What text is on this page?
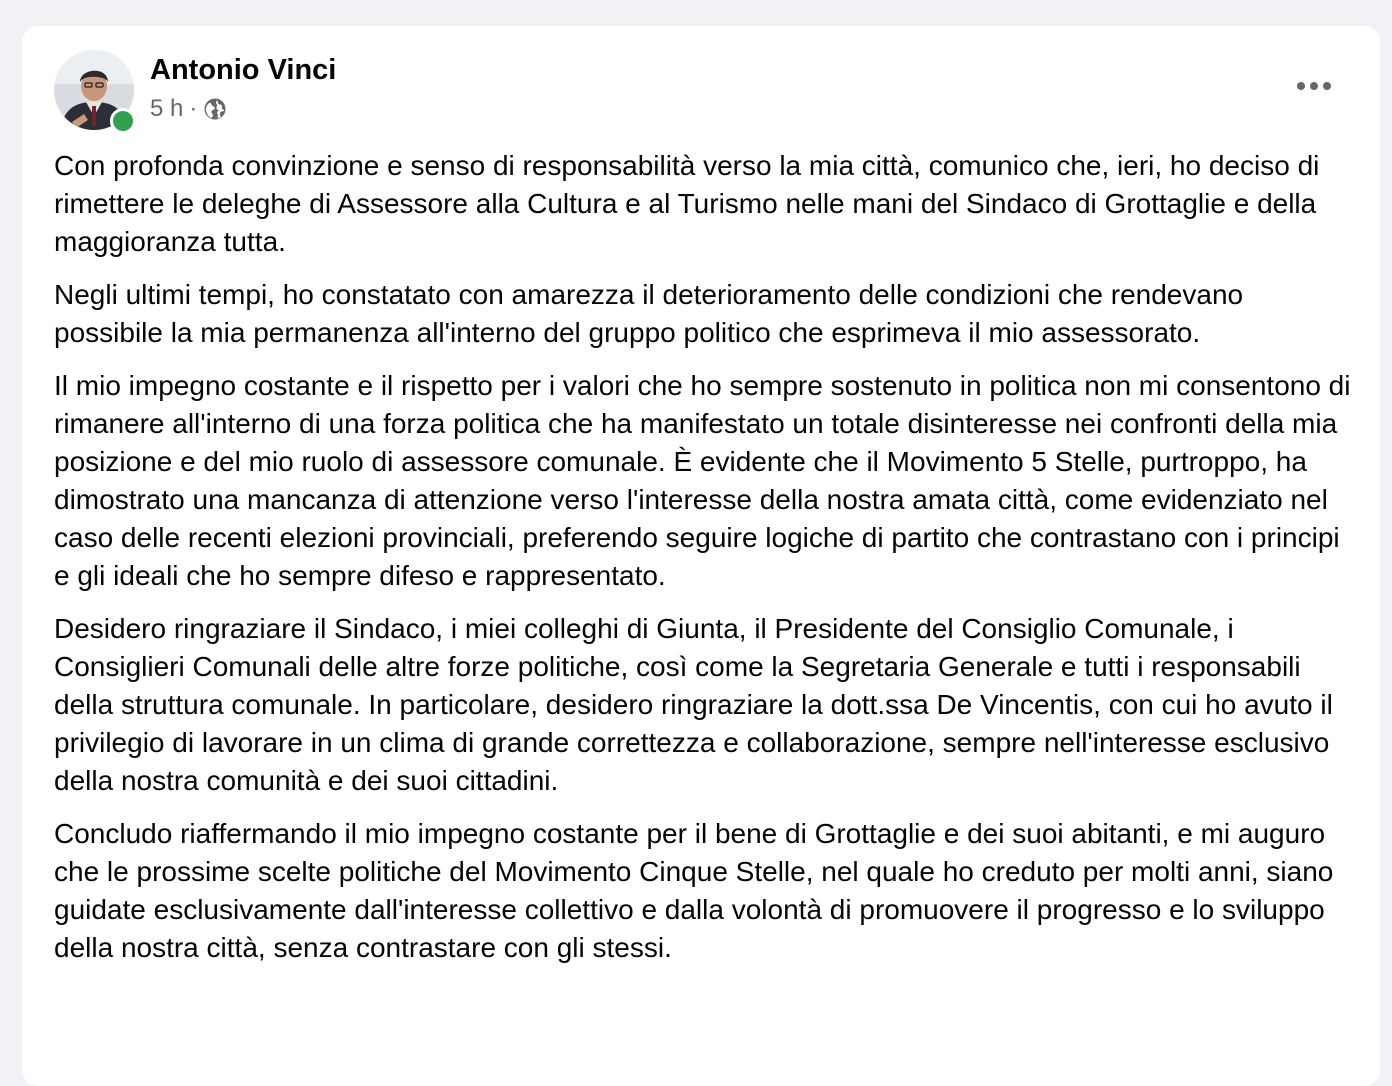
Antonio Vinci
5 h ·

Con profonda convinzione e senso di responsabilità verso la mia città, comunico che, ieri, ho deciso di rimettere le deleghe di Assessore alla Cultura e al Turismo nelle mani del Sindaco di Grottaglie e della maggioranza tutta.

Negli ultimi tempi, ho constatato con amarezza il deterioramento delle condizioni che rendevano possibile la mia permanenza all'interno del gruppo politico che esprimeva il mio assessorato.

Il mio impegno costante e il rispetto per i valori che ho sempre sostenuto in politica non mi consentono di rimanere all'interno di una forza politica che ha manifestato un totale disinteresse nei confronti della mia posizione e del mio ruolo di assessore comunale. È evidente che il Movimento 5 Stelle, purtroppo, ha dimostrato una mancanza di attenzione verso l'interesse della nostra amata città, come evidenziato nel caso delle recenti elezioni provinciali, preferendo seguire logiche di partito che contrastano con i principi e gli ideali che ho sempre difeso e rappresentato.

Desidero ringraziare il Sindaco, i miei colleghi di Giunta, il Presidente del Consiglio Comunale, i Consiglieri Comunali delle altre forze politiche, così come la Segretaria Generale e tutti i responsabili della struttura comunale. In particolare, desidero ringraziare la dott.ssa De Vincentis, con cui ho avuto il privilegio di lavorare in un clima di grande correttezza e collaborazione, sempre nell'interesse esclusivo della nostra comunità e dei suoi cittadini.

Concludo riaffermando il mio impegno costante per il bene di Grottaglie e dei suoi abitanti, e mi auguro che le prossime scelte politiche del Movimento Cinque Stelle, nel quale ho creduto per molti anni, siano guidate esclusivamente dall'interesse collettivo e dalla volontà di promuovere il progresso e lo sviluppo della nostra città, senza contrastare con gli stessi.
